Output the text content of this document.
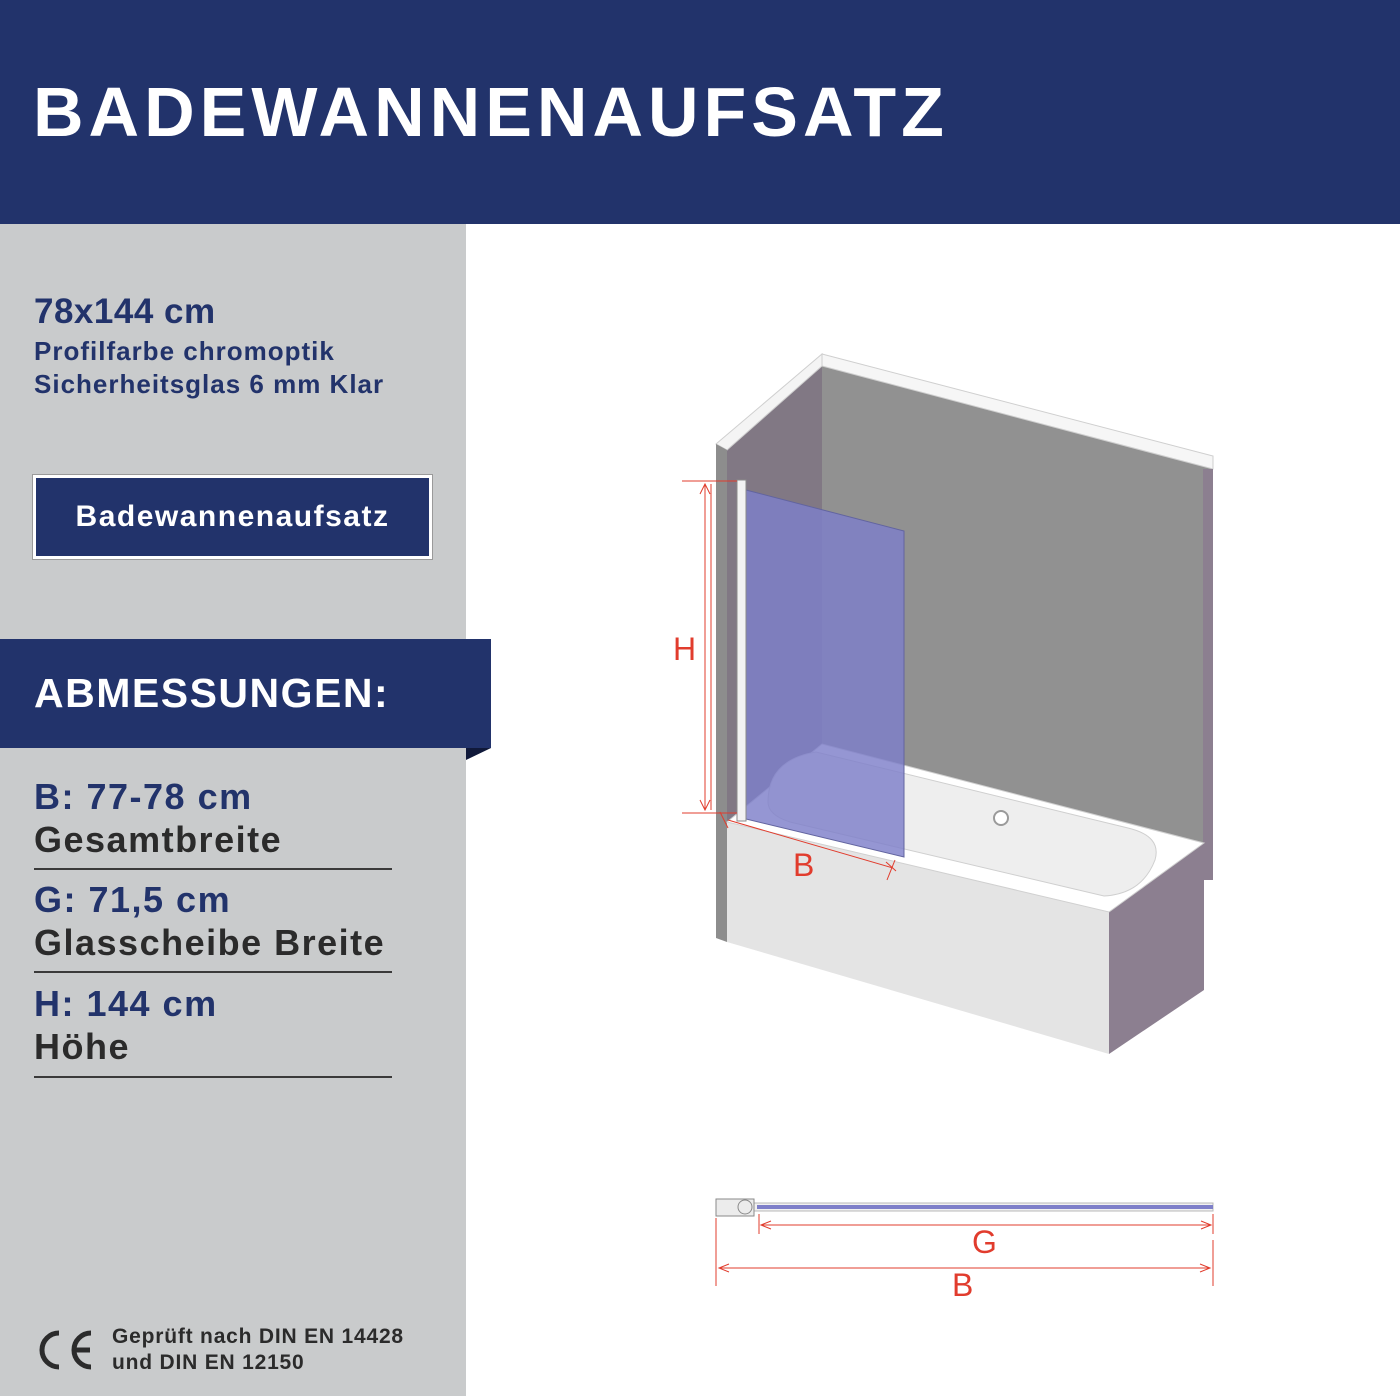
BADEWANNENAUFSATZ
78x144 cm
Profilfarbe chromoptik
Sicherheitsglas 6 mm Klar
Badewannenaufsatz
ABMESSUNGEN:
B: 77-78 cm
Gesamtbreite
G: 71,5 cm
Glasscheibe Breite
H: 144 cm
Höhe
Geprüft nach DIN EN 14428
und DIN EN 12150
H
B
G
B
